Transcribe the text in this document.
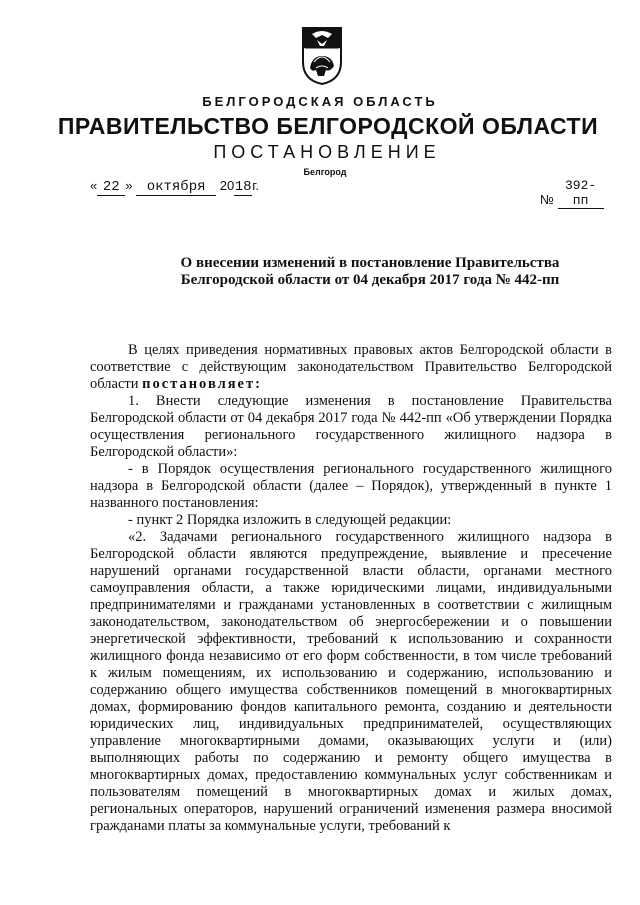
БЕЛГОРОДСКАЯ ОБЛАСТЬ
ПРАВИТЕЛЬСТВО БЕЛГОРОДСКОЙ ОБЛАСТИ
ПОСТАНОВЛЕНИЕ
Белгород
« 22 » октября 2018г.
№ 392-пп
О внесении изменений в постановление Правительства
Белгородской области от 04 декабря 2017 года № 442-пп

В целях приведения нормативных правовых актов Белгородской области в соответствие с действующим законодательством Правительство Белгородской области постановляет:

1. Внести следующие изменения в постановление Правительства Белгородской области от 04 декабря 2017 года № 442-пп «Об утверждении Порядка осуществления регионального государственного жилищного надзора в Белгородской области»:

- в Порядок осуществления регионального государственного жилищного надзора в Белгородской области (далее – Порядок), утвержденный в пункте 1 названного постановления:

- пункт 2 Порядка изложить в следующей редакции:

«2. Задачами регионального государственного жилищного надзора в Белгородской области являются предупреждение, выявление и пресечение нарушений органами государственной власти области, органами местного самоуправления области, а также юридическими лицами, индивидуальными предпринимателями и гражданами установленных в соответствии с жилищным законодательством, законодательством об энергосбережении и о повышении энергетической эффективности, требований к использованию и сохранности жилищного фонда независимо от его форм собственности, в том числе требований к жилым помещениям, их использованию и содержанию, использованию и содержанию общего имущества собственников помещений в многоквартирных домах, формированию фондов капитального ремонта, созданию и деятельности юридических лиц, индивидуальных предпринимателей, осуществляющих управление многоквартирными домами, оказывающих услуги и (или) выполняющих работы по содержанию и ремонту общего имущества в многоквартирных домах, предоставлению коммунальных услуг собственникам и пользователям помещений в многоквартирных домах и жилых домах, региональных операторов, нарушений ограничений изменения размера вносимой гражданами платы за коммунальные услуги, требований к
